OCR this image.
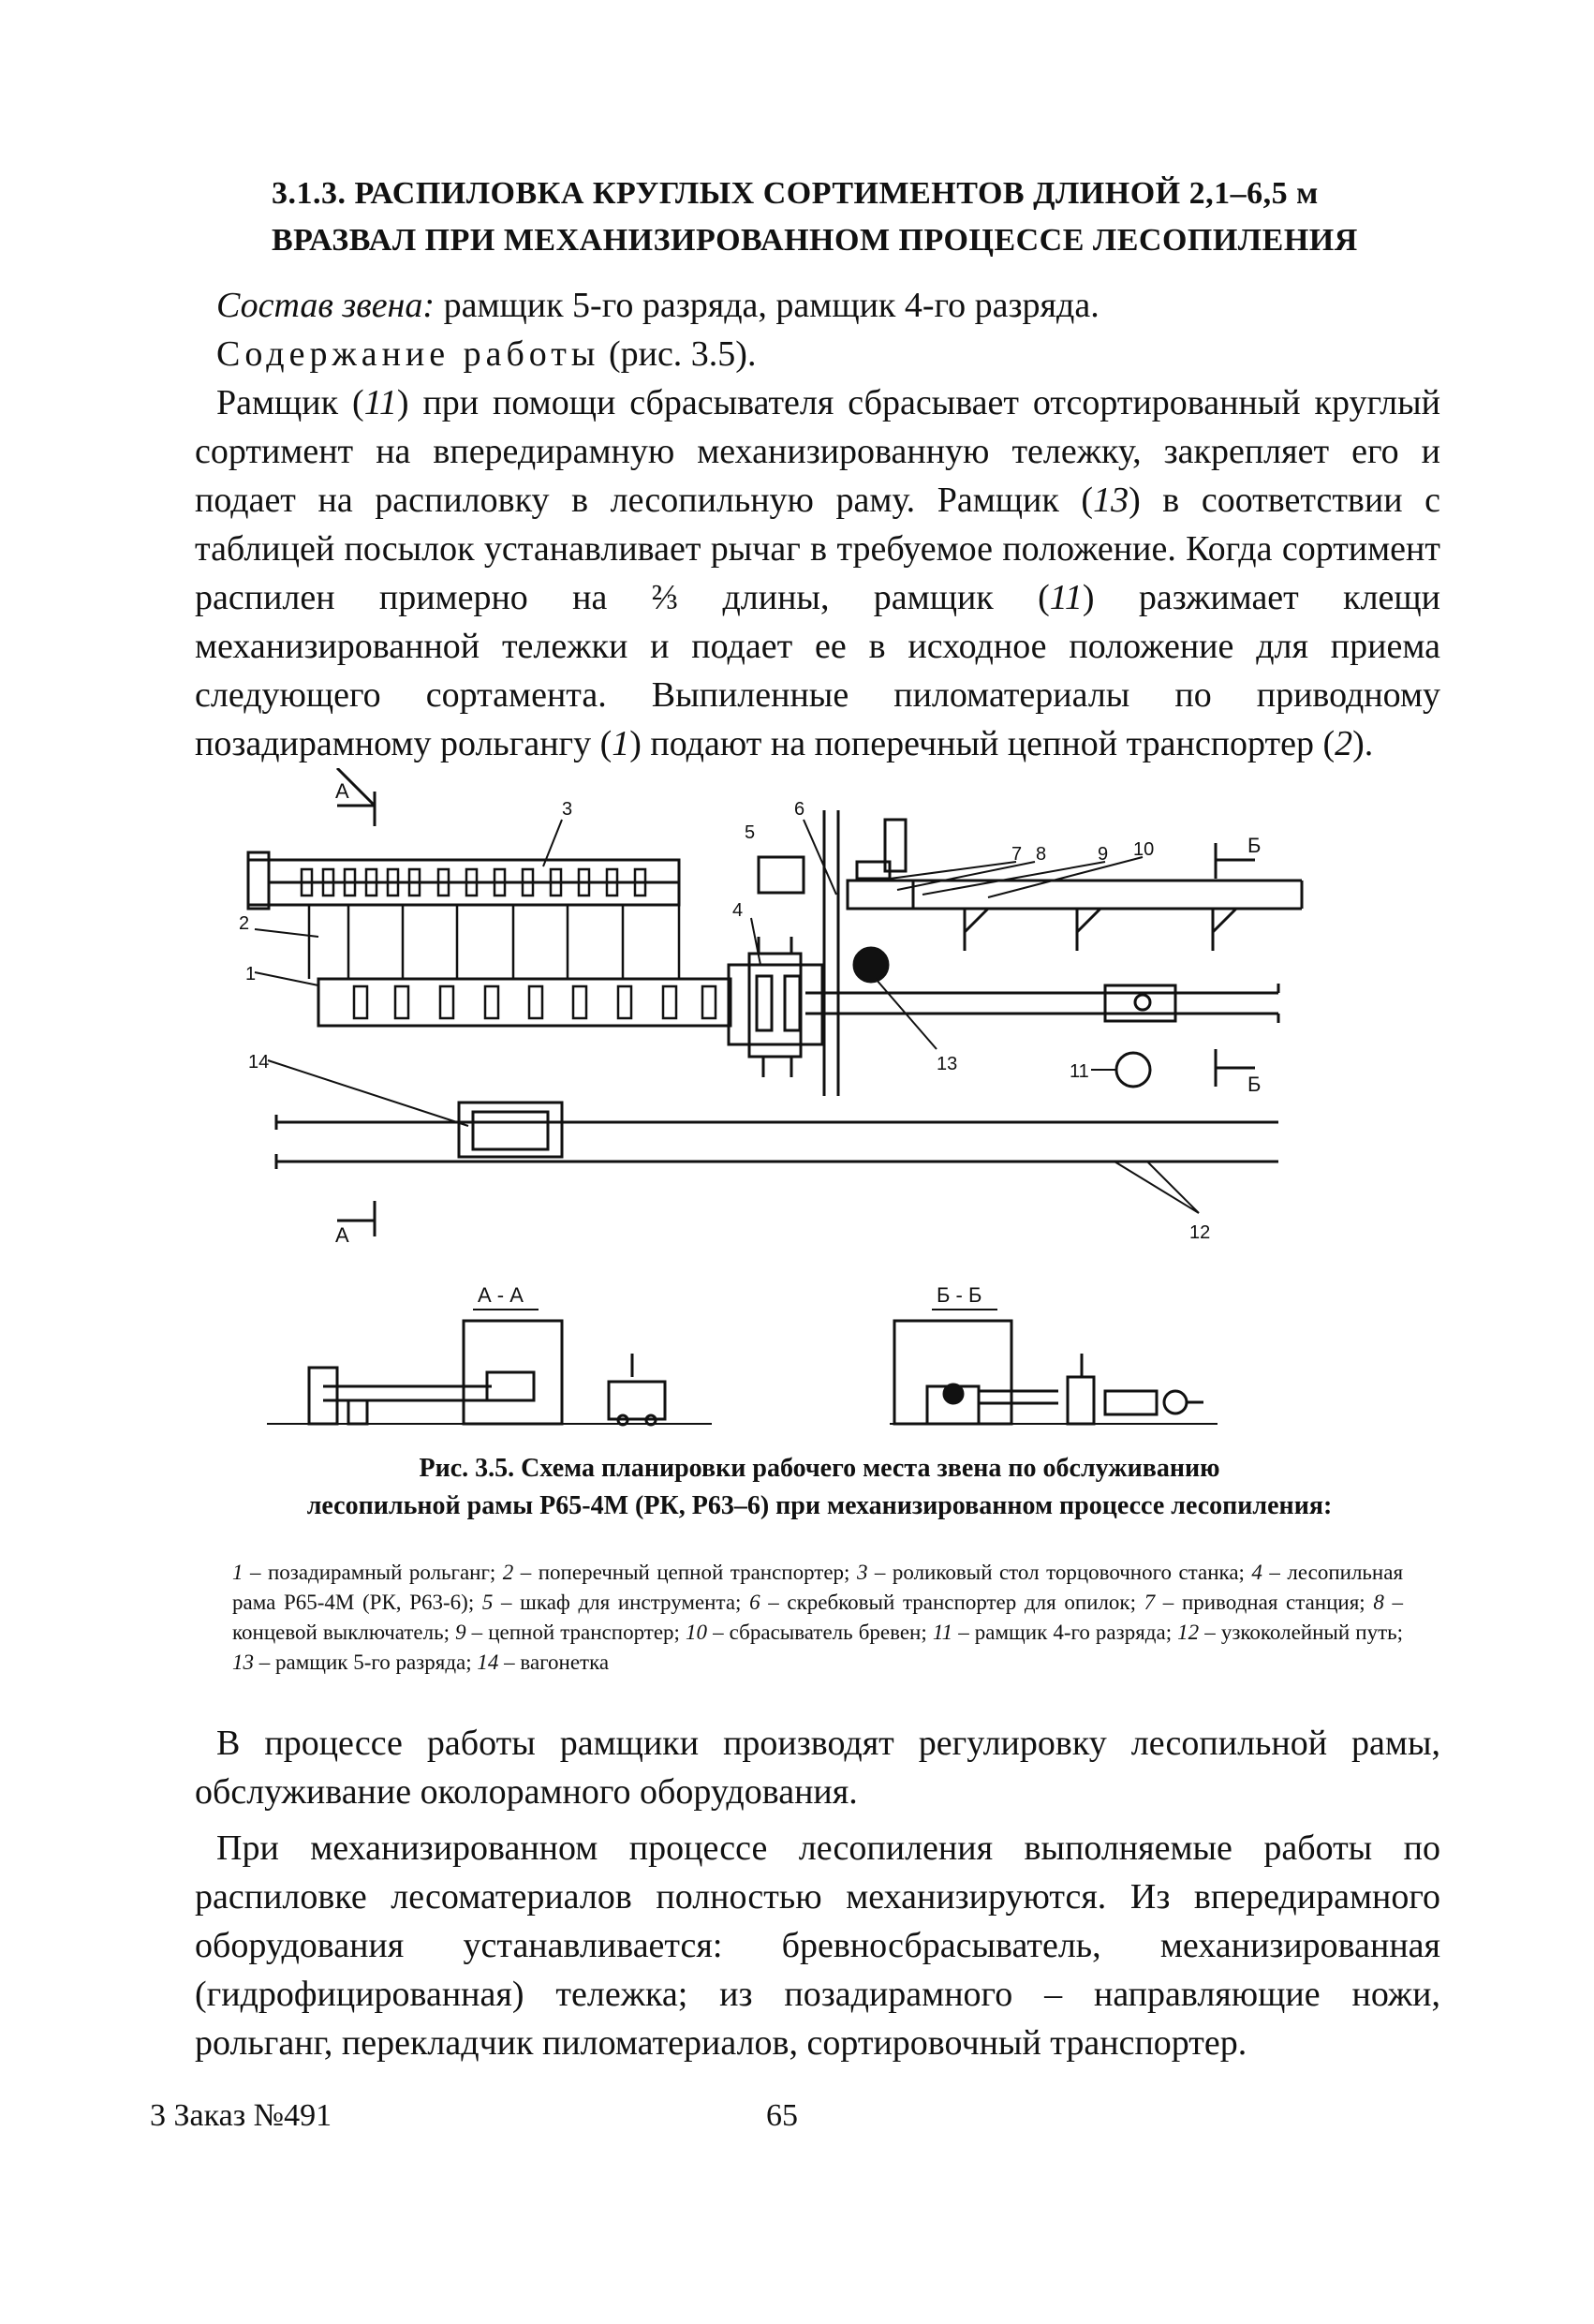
3.1.3. РАСПИЛОВКА КРУГЛЫХ СОРТИМЕНТОВ ДЛИНОЙ 2,1–6,5 м
ВРАЗВАЛ ПРИ МЕХАНИЗИРОВАННОМ ПРОЦЕССЕ ЛЕСОПИЛЕНИЯ

Состав звена: рамщик 5-го разряда, рамщик 4-го разряда.

Содержание работы (рис. 3.5).

Рамщик (11) при помощи сбрасывателя сбрасывает отсортированный круглый сортимент на впередирамную механизированную тележку, закрепляет его и подает на распиловку в лесопильную раму. Рамщик (13) в соответствии с таблицей посылок устанавливает рычаг в требуемое положение. Когда сортимент распилен примерно на ⅔ длины, рамщик (11) разжимает клещи механизированной тележки и подает ее в исходное положение для приема следующего сортамента. Выпиленные пиломатериалы по приводному позадирамному рольгангу (1) подают на поперечный цепной транспортер (2).

А
А
Б
Б
3
2
1
14
4
5
6
7 8	9 10
11
12
13
А - А	Б - Б
Рис. 3.5. Схема планировки рабочего места звена по обслуживанию
лесопильной рамы Р65-4М (РК, Р63–6) при механизированном процессе лесопиления:

1 – позадирамный рольганг; 2 – поперечный цепной транспортер; 3 – роликовый стол торцовочного станка; 4 – лесопильная рама Р65-4М (РК, Р63-6); 5 – шкаф для инструмента; 6 – скребковый транспортер для опилок; 7 – приводная станция; 8 – концевой выключатель; 9 – цепной транспортер; 10 – сбрасыватель бревен; 11 – рамщик 4-го разряда; 12 – узкоколейный путь; 13 – рамщик 5-го разряда; 14 – вагонетка

В процессе работы рамщики производят регулировку лесопильной рамы, обслуживание околорамного оборудования.

При механизированном процессе лесопиления выполняемые работы по распиловке лесоматериалов полностью механизируются. Из впередирамного оборудования устанавливается: бревносбрасыватель, механизированная (гидрофицированная) тележка; из позадирамного – направляющие ножи, рольганг, перекладчик пиломатериалов, сортировочный транспортер.

3 Заказ №491	65
